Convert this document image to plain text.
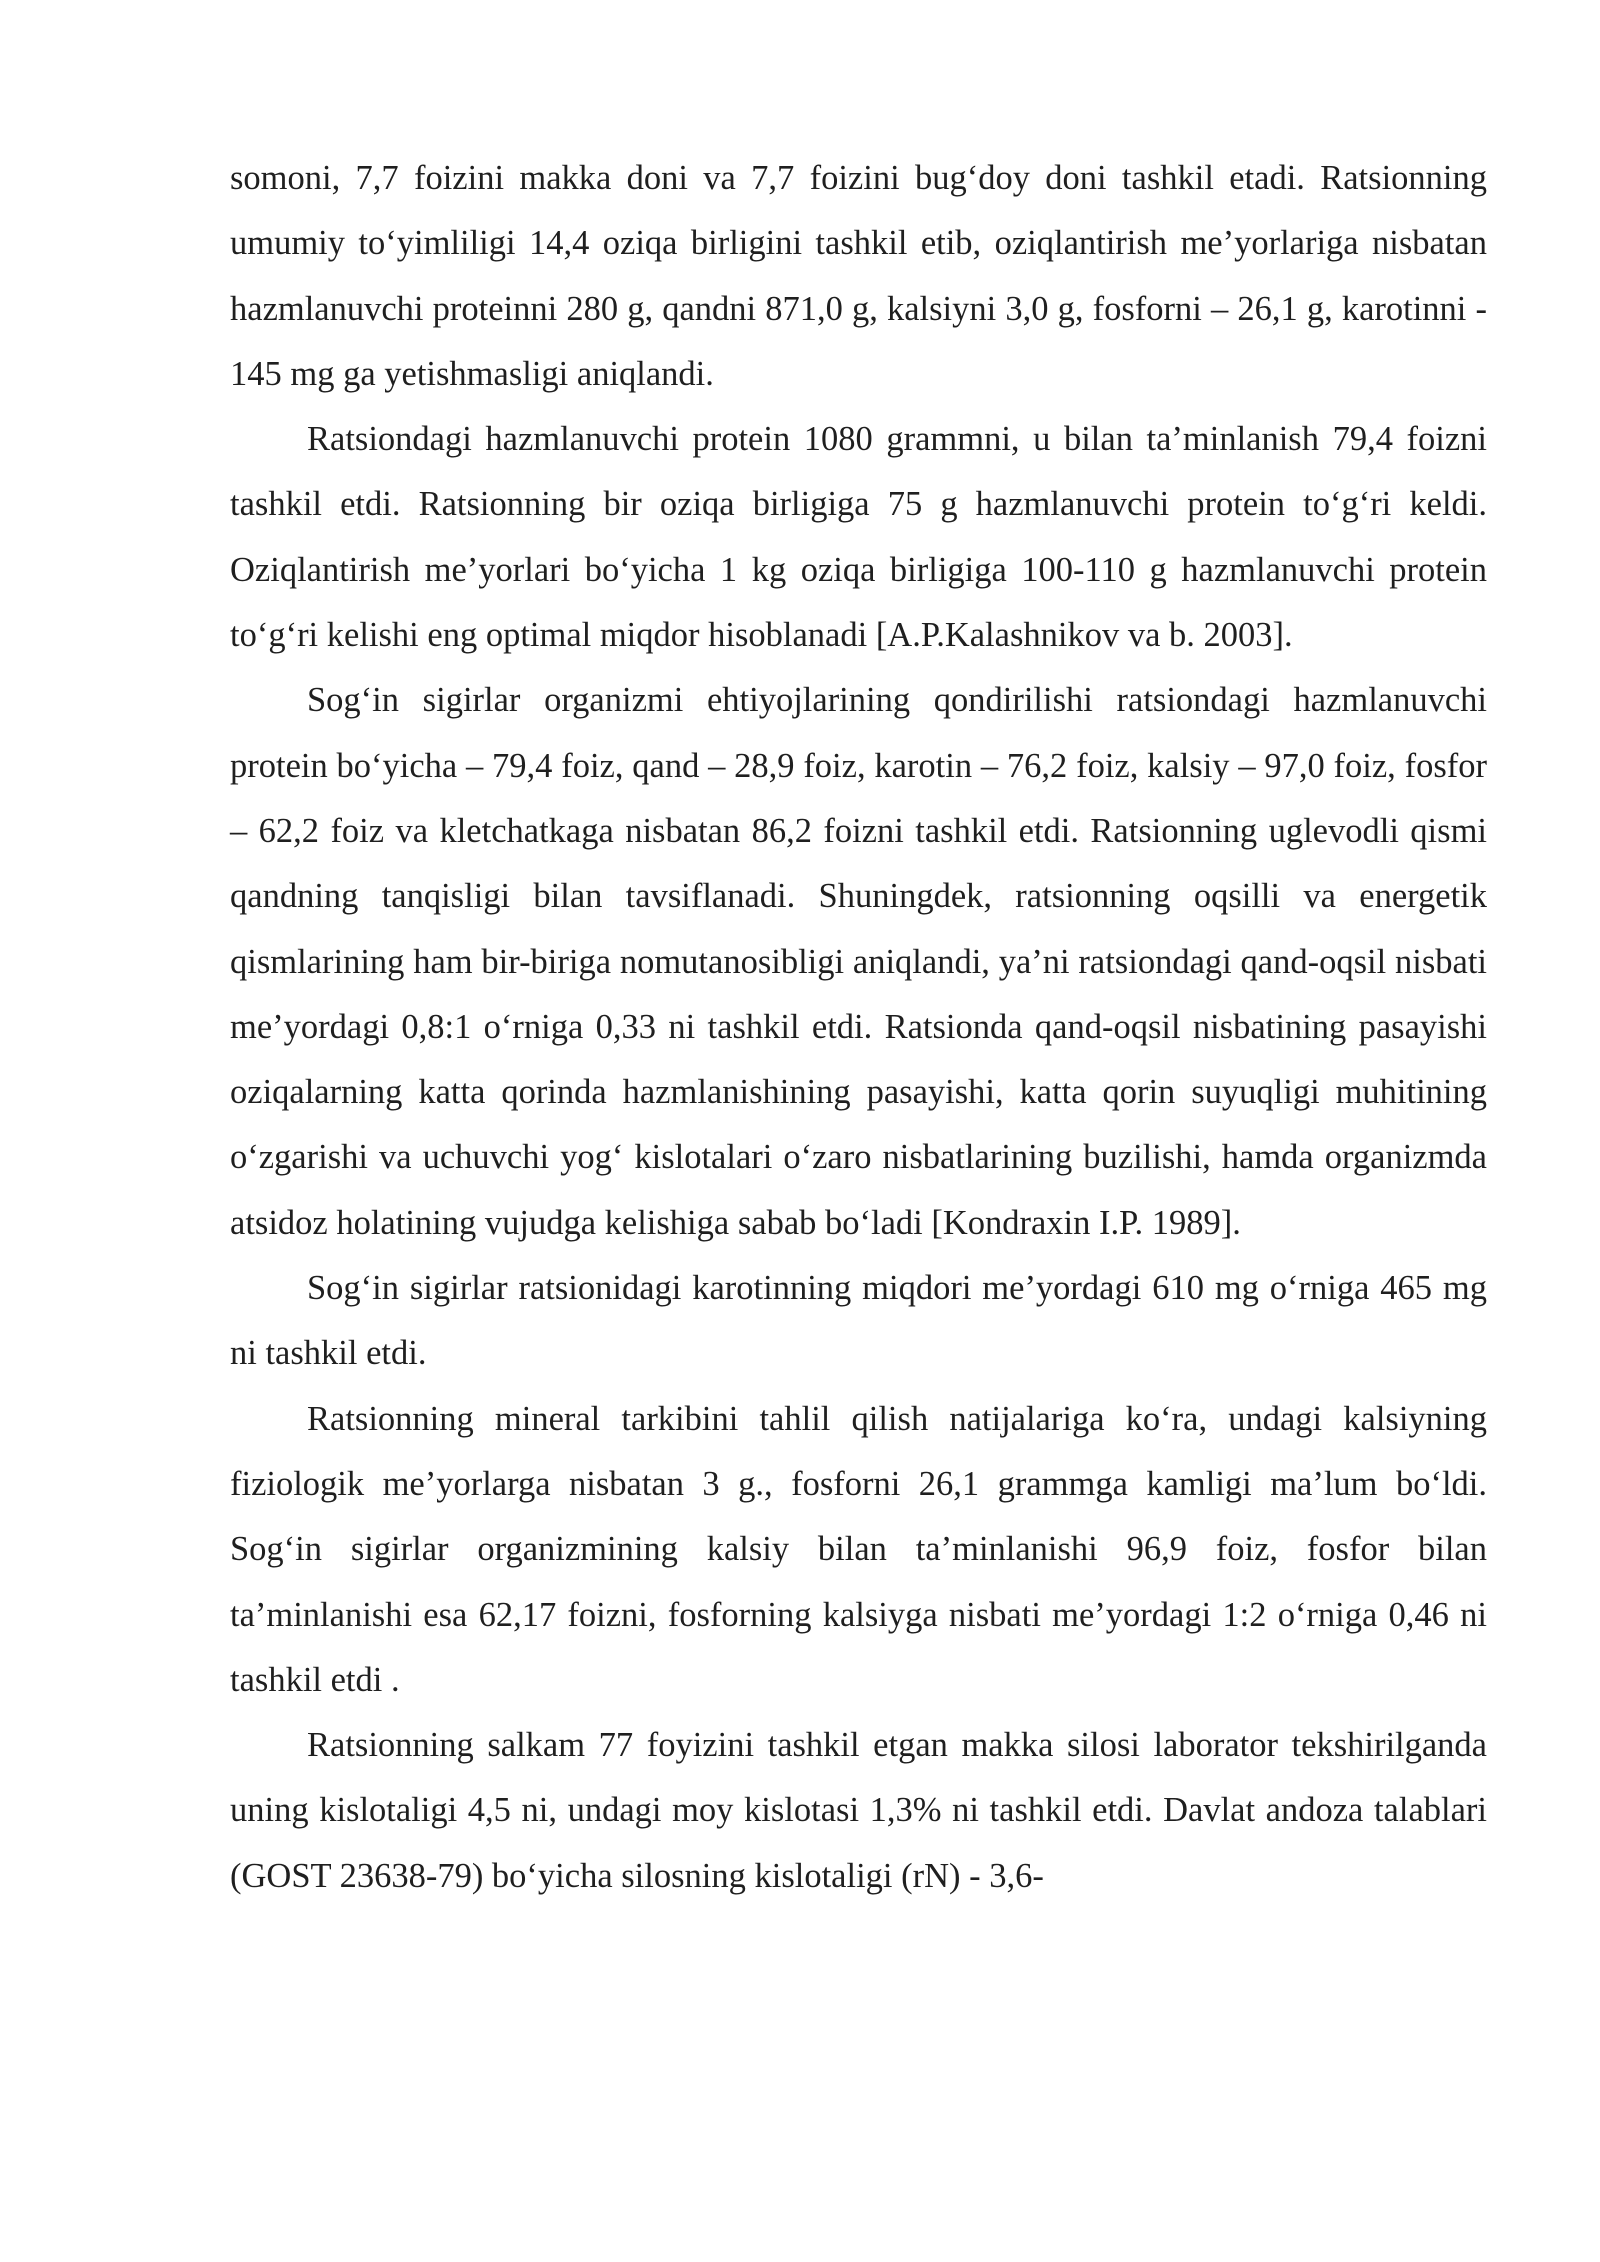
somoni, 7,7 foizini makka doni va 7,7 foizini bug‘doy doni tashkil etadi. Ratsionning umumiy to‘yimliligi 14,4 oziqa birligini tashkil etib, oziqlantirish me’yorlariga nisbatan hazmlanuvchi proteinni 280 g, qandni 871,0 g, kalsiyni 3,0 g, fosforni – 26,1 g, karotinni - 145 mg ga yetishmasligi aniqlandi.

Ratsiondagi hazmlanuvchi protein 1080 grammni, u bilan ta’minlanish 79,4 foizni tashkil etdi. Ratsionning bir oziqa birligiga 75 g hazmlanuvchi protein to‘g‘ri keldi. Oziqlantirish me’yorlari bo‘yicha 1 kg oziqa birligiga 100-110 g hazmlanuvchi protein to‘g‘ri kelishi eng optimal miqdor hisoblanadi [A.P.Kalashnikov va b. 2003].

Sog‘in sigirlar organizmi ehtiyojlarining qondirilishi ratsiondagi hazmlanuvchi protein bo‘yicha – 79,4 foiz, qand – 28,9 foiz, karotin – 76,2 foiz, kalsiy – 97,0 foiz, fosfor – 62,2 foiz va kletchatkaga nisbatan 86,2 foizni tashkil etdi. Ratsionning uglevodli qismi qandning tanqisligi bilan tavsiflanadi. Shuningdek, ratsionning oqsilli va energetik qismlarining ham bir-biriga nomutanosibligi aniqlandi, ya’ni ratsiondagi qand-oqsil nisbati me’yordagi 0,8:1 o‘rniga 0,33 ni tashkil etdi. Ratsionda qand-oqsil nisbatining pasayishi oziqalarning katta qorinda hazmlanishining pasayishi, katta qorin suyuqligi muhitining o‘zgarishi va uchuvchi yog‘ kislotalari o‘zaro nisbatlarining buzilishi, hamda organizmda atsidoz holatining vujudga kelishiga sabab bo‘ladi [Kondraxin I.P. 1989].

Sog‘in sigirlar ratsionidagi karotinning miqdori me’yordagi 610 mg o‘rniga 465 mg ni tashkil etdi.

Ratsionning mineral tarkibini tahlil qilish natijalariga ko‘ra, undagi kalsiyning fiziologik me’yorlarga nisbatan 3 g., fosforni 26,1 grammga kamligi ma’lum bo‘ldi. Sog‘in sigirlar organizmining kalsiy bilan ta’minlanishi 96,9 foiz, fosfor bilan ta’minlanishi esa 62,17 foizni, fosforning kalsiyga nisbati me’yordagi 1:2 o‘rniga 0,46 ni tashkil etdi .

Ratsionning salkam 77 foyizini tashkil etgan makka silosi laborator tekshirilganda uning kislotaligi 4,5 ni, undagi moy kislotasi 1,3% ni tashkil etdi. Davlat andoza talablari (GOST 23638-79) bo‘yicha silosning kislotaligi (rN) - 3,6-
